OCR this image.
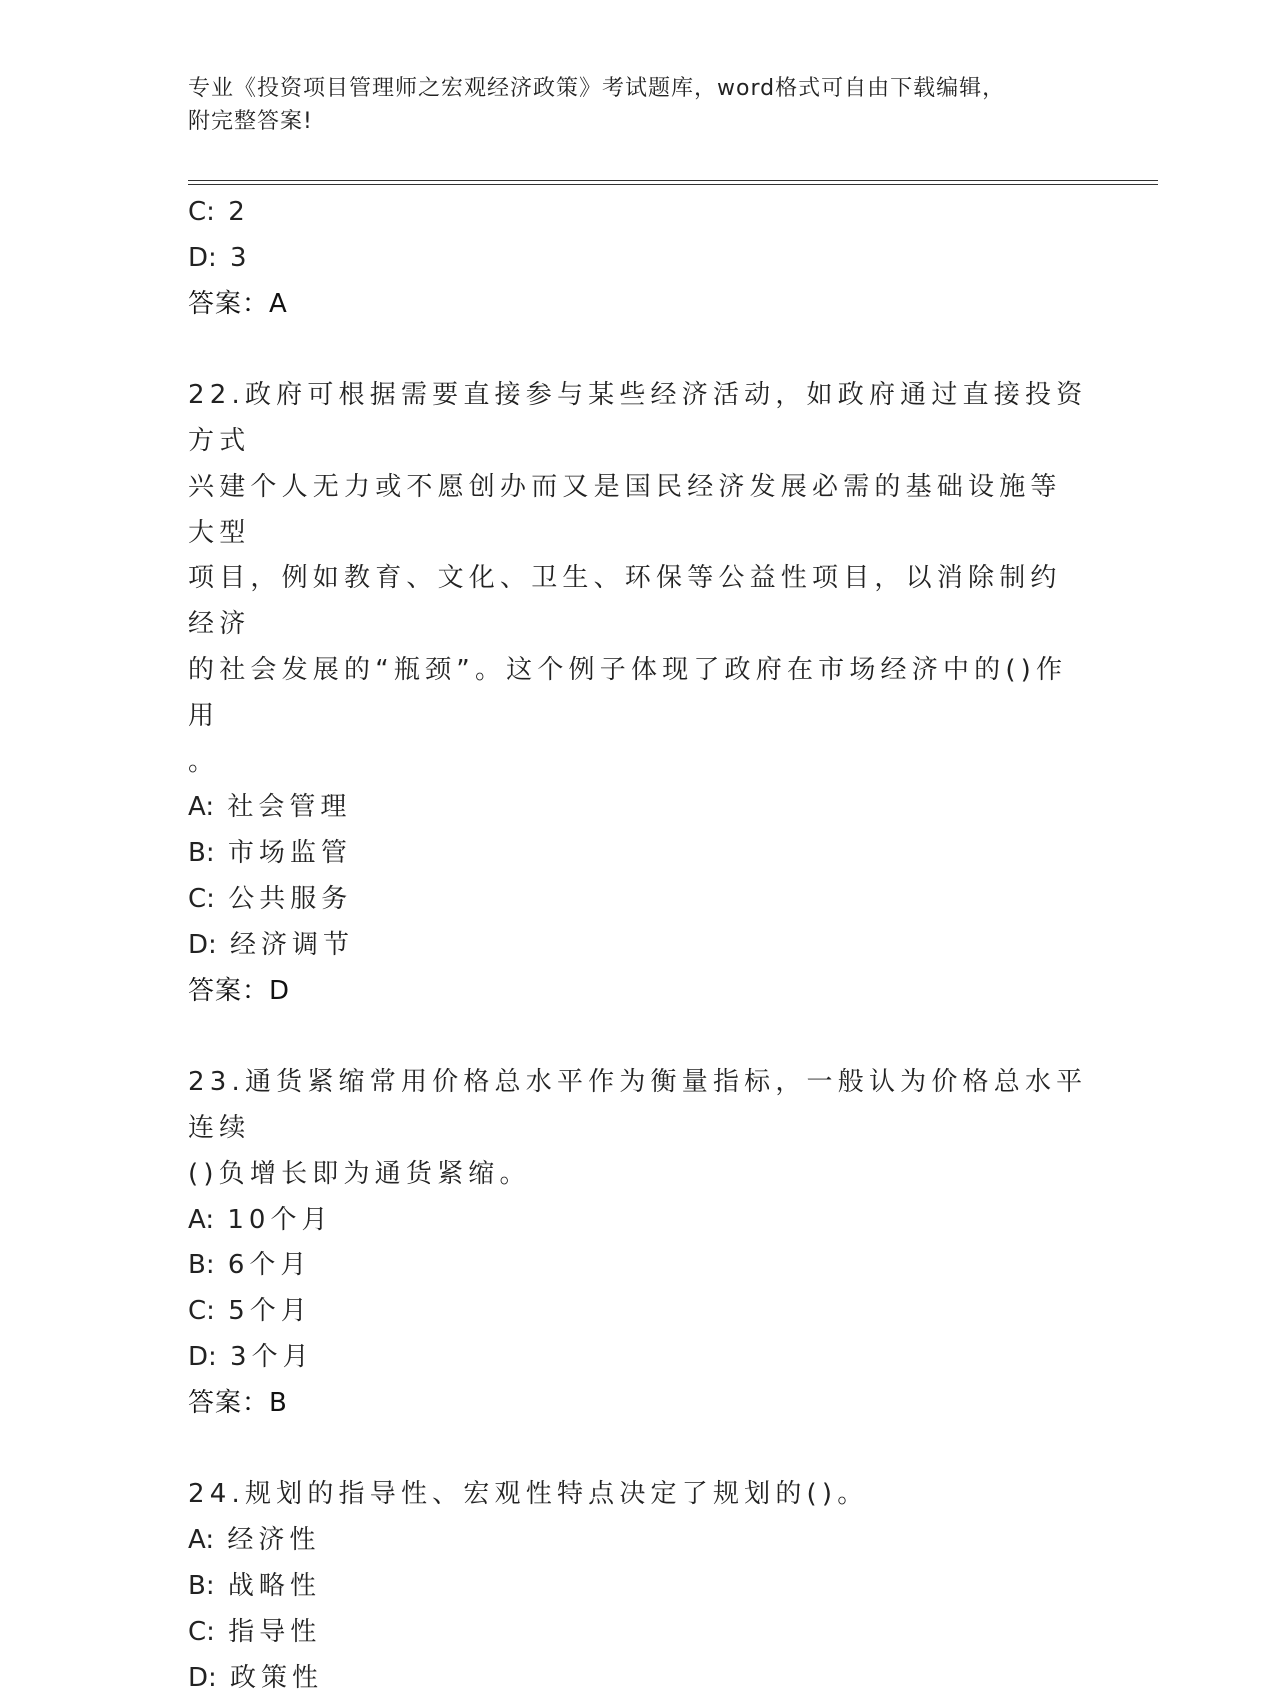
专业《投资项目管理师之宏观经济政策》考试题库，word格式可自由下载编辑，
附完整答案!

C: 2

D: 3

答案：A

22.政府可根据需要直接参与某些经济活动，如政府通过直接投资方式

兴建个人无力或不愿创办而又是国民经济发展必需的基础设施等大型

项目，例如教育、文化、卫生、环保等公益性项目，以消除制约经济

的社会发展的“瓶颈”。这个例子体现了政府在市场经济中的()作用

。

A: 社会管理

B: 市场监管

C: 公共服务

D: 经济调节

答案：D

23.通货紧缩常用价格总水平作为衡量指标，一般认为价格总水平连续

()负增长即为通货紧缩。

A: 10个月

B: 6个月

C: 5个月

D: 3个月

答案：B

24.规划的指导性、宏观性特点决定了规划的()。

A: 经济性

B: 战略性

C: 指导性

D: 政策性
